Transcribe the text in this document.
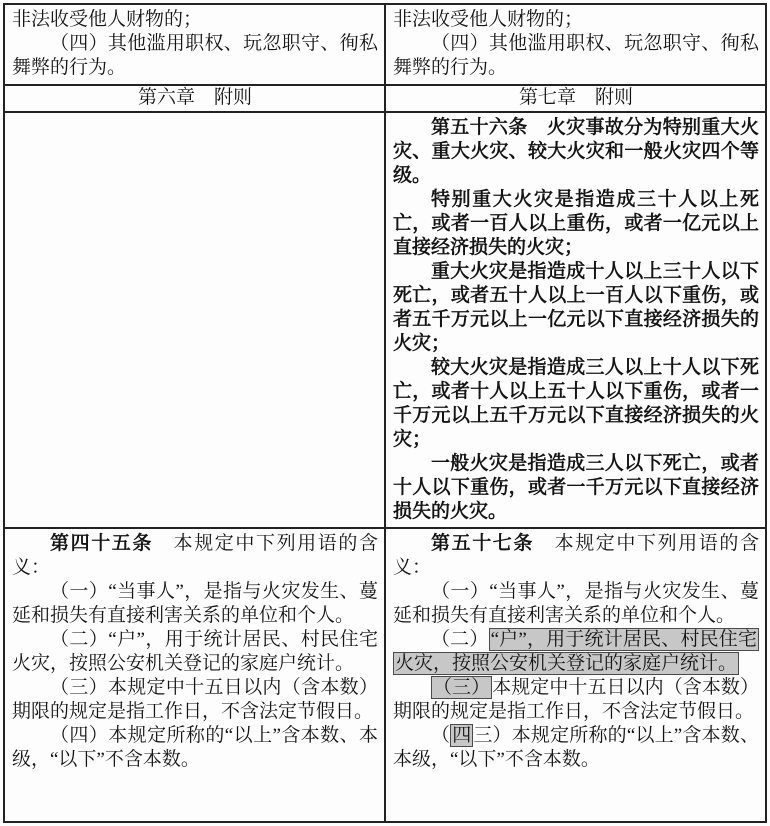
非法收受他人财物的；

（四）其他滥用职权、玩忽职守、徇私舞弊的行为。

非法收受他人财物的；

（四）其他滥用职权、玩忽职守、徇私舞弊的行为。

第六章　附则	第七章　附则

第五十六条　火灾事故分为特别重大火灾、重大火灾、较大火灾和一般火灾四个等级。

特别重大火灾是指造成三十人以上死亡，或者一百人以上重伤，或者一亿元以上直接经济损失的火灾；

重大火灾是指造成十人以上三十人以下死亡，或者五十人以上一百人以下重伤，或者五千万元以上一亿元以下直接经济损失的火灾；

较大火灾是指造成三人以上十人以下死亡，或者十人以上五十人以下重伤，或者一千万元以上五千万元以下直接经济损失的火灾；

一般火灾是指造成三人以下死亡，或者十人以下重伤，或者一千万元以下直接经济损失的火灾。

第四十五条　本规定中下列用语的含义：

（一）“当事人”，是指与火灾发生、蔓延和损失有直接利害关系的单位和个人。

（二）“户”，用于统计居民、村民住宅火灾，按照公安机关登记的家庭户统计。

（三）本规定中十五日以内（含本数）期限的规定是指工作日，不含法定节假日。

（四）本规定所称的“以上”含本数、本级，“以下”不含本数。

第五十七条　本规定中下列用语的含义：

（一）“当事人”，是指与火灾发生、蔓延和损失有直接利害关系的单位和个人。

（二） “户”，用于统计居民、村民住宅火灾，按照公安机关登记的家庭户统计。

（三） 本规定中十五日以内（含本数）期限的规定是指工作日，不含法定节假日。

（ 四 三）本规定所称的“以上”含本数、本级，“以下”不含本数。
